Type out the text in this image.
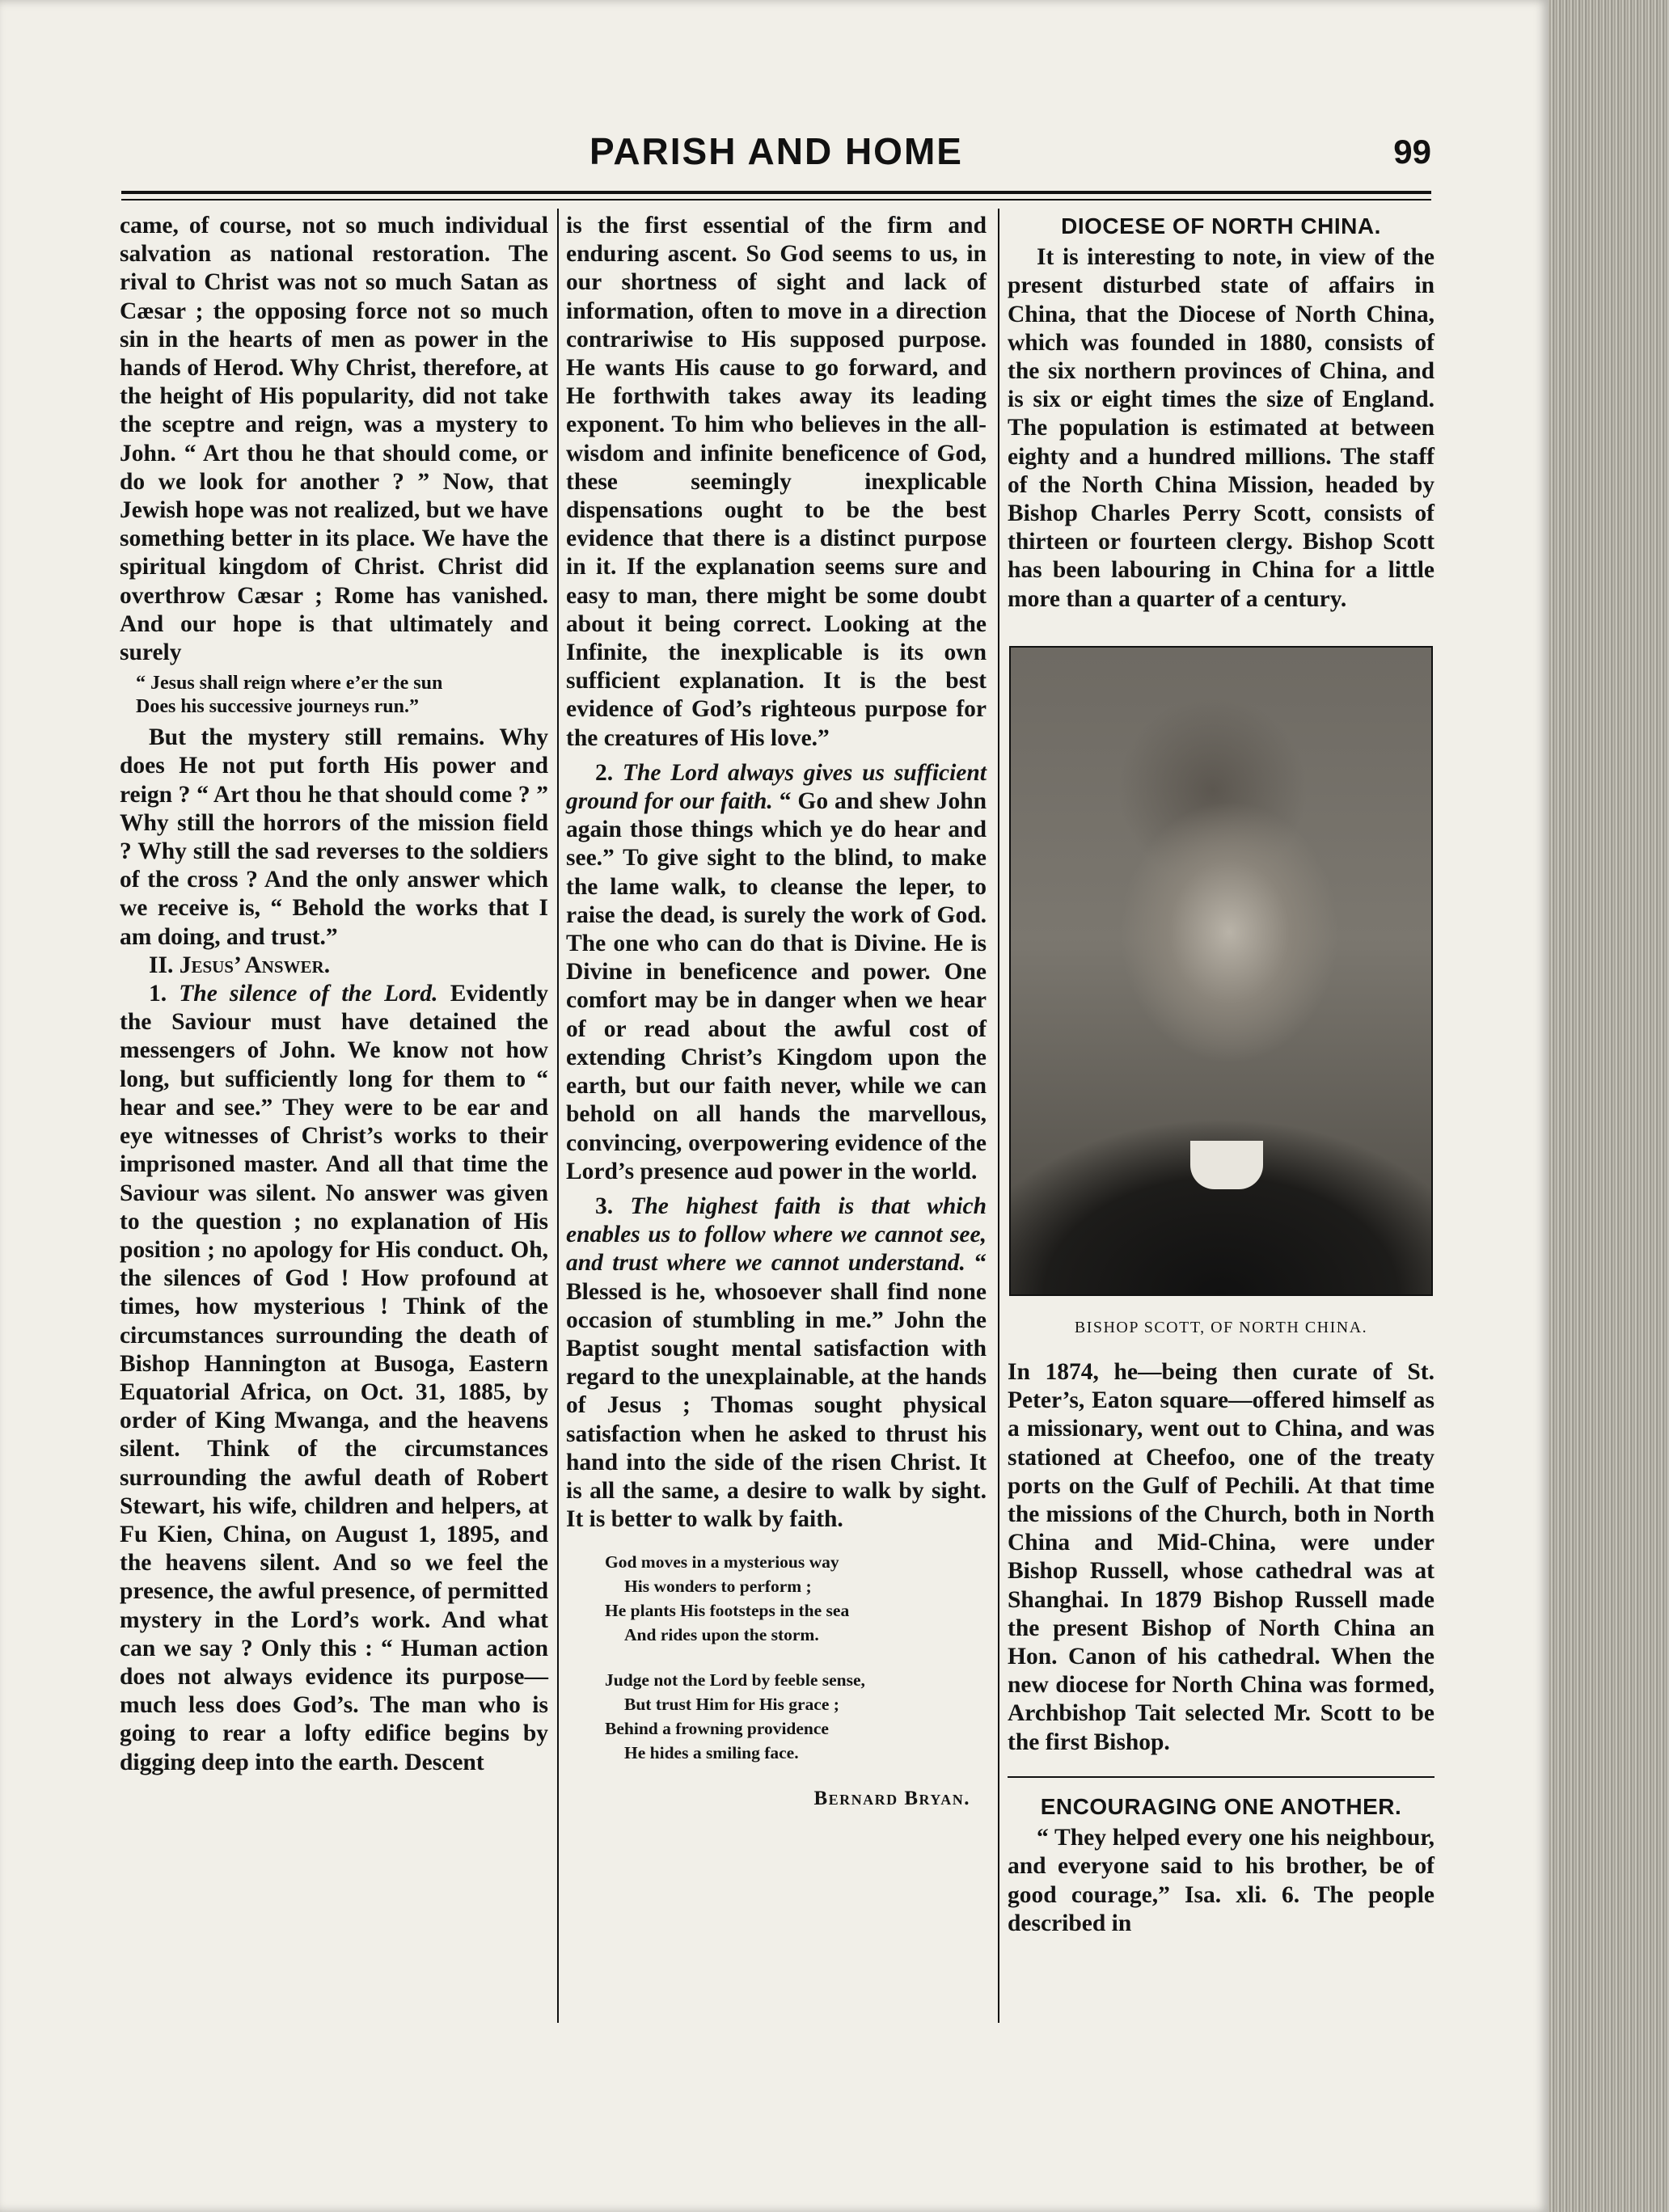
PARISH AND HOME	99

came, of course, not so much individual salvation as national restoration. The rival to Christ was not so much Satan as Cæsar ; the opposing force not so much sin in the hearts of men as power in the hands of Herod. Why Christ, therefore, at the height of His popularity, did not take the sceptre and reign, was a mystery to John. “ Art thou he that should come, or do we look for another ? ” Now, that Jewish hope was not realized, but we have something better in its place. We have the spiritual kingdom of Christ. Christ did overthrow Cæsar ; Rome has vanished. And our hope is that ultimately and surely

“ Jesus shall reign where e’er the sun
Does his successive journeys run.”

But the mystery still remains. Why does He not put forth His power and reign ? “ Art thou he that should come ? ” Why still the horrors of the mission field ? Why still the sad reverses to the soldiers of the cross ? And the only answer which we receive is, “ Behold the works that I am doing, and trust.”

II. Jesus’ Answer.

1. The silence of the Lord. Evidently the Saviour must have detained the messengers of John. We know not how long, but sufficiently long for them to “ hear and see.” They were to be ear and eye witnesses of Christ’s works to their imprisoned master. And all that time the Saviour was silent. No answer was given to the question ; no explanation of His position ; no apology for His conduct. Oh, the silences of God ! How profound at times, how mysterious ! Think of the circumstances surrounding the death of Bishop Hannington at Busoga, Eastern Equatorial Africa, on Oct. 31, 1885, by order of King Mwanga, and the heavens silent. Think of the circumstances surrounding the awful death of Robert Stewart, his wife, children and helpers, at Fu Kien, China, on August 1, 1895, and the heavens silent. And so we feel the presence, the awful presence, of permitted mystery in the Lord’s work. And what can we say ? Only this : “ Human action does not always evidence its purpose—much less does God’s. The man who is going to rear a lofty edifice begins by digging deep into the earth. Descent

is the first essential of the firm and enduring ascent. So God seems to us, in our shortness of sight and lack of information, often to move in a direction contrariwise to His supposed purpose. He wants His cause to go forward, and He forthwith takes away its leading exponent. To him who believes in the all-wisdom and infinite beneficence of God, these seemingly inexplicable dispensations ought to be the best evidence that there is a distinct purpose in it. If the explanation seems sure and easy to man, there might be some doubt about it being correct. Looking at the Infinite, the inexplicable is its own sufficient explanation. It is the best evidence of God’s righteous purpose for the creatures of His love.”

2. The Lord always gives us sufficient ground for our faith. “ Go and shew John again those things which ye do hear and see.” To give sight to the blind, to make the lame walk, to cleanse the leper, to raise the dead, is surely the work of God. The one who can do that is Divine. He is Divine in beneficence and power. One comfort may be in danger when we hear of or read about the awful cost of extending Christ’s Kingdom upon the earth, but our faith never, while we can behold on all hands the marvellous, convincing, overpowering evidence of the Lord’s presence aud power in the world.

3. The highest faith is that which enables us to follow where we cannot see, and trust where we cannot understand. “ Blessed is he, whosoever shall find none occasion of stumbling in me.” John the Baptist sought mental satisfaction with regard to the unexplainable, at the hands of Jesus ; Thomas sought physical satisfaction when he asked to thrust his hand into the side of the risen Christ. It is all the same, a desire to walk by sight. It is better to walk by faith.

God moves in a mysterious way
His wonders to perform ;
He plants His footsteps in the sea
And rides upon the storm.
Judge not the Lord by feeble sense,
But trust Him for His grace ;
Behind a frowning providence
He hides a smiling face.
Bernard Bryan.
DIOCESE OF NORTH CHINA.

It is interesting to note, in view of the present disturbed state of affairs in China, that the Diocese of North China, which was founded in 1880, consists of the six northern provinces of China, and is six or eight times the size of England. The population is estimated at between eighty and a hundred millions. The staff of the North China Mission, headed by Bishop Charles Perry Scott, consists of thirteen or fourteen clergy. Bishop Scott has been labouring in China for a little more than a quarter of a century.

BISHOP SCOTT, OF NORTH CHINA.

In 1874, he—being then curate of St. Peter’s, Eaton square—offered himself as a missionary, went out to China, and was stationed at Cheefoo, one of the treaty ports on the Gulf of Pechili. At that time the missions of the Church, both in North China and Mid-China, were under Bishop Russell, whose cathedral was at Shanghai. In 1879 Bishop Russell made the present Bishop of North China an Hon. Canon of his cathedral. When the new diocese for North China was formed, Archbishop Tait selected Mr. Scott to be the first Bishop.

ENCOURAGING ONE ANOTHER.

“ They helped every one his neighbour, and everyone said to his brother, be of good courage,” Isa. xli. 6. The people described in
